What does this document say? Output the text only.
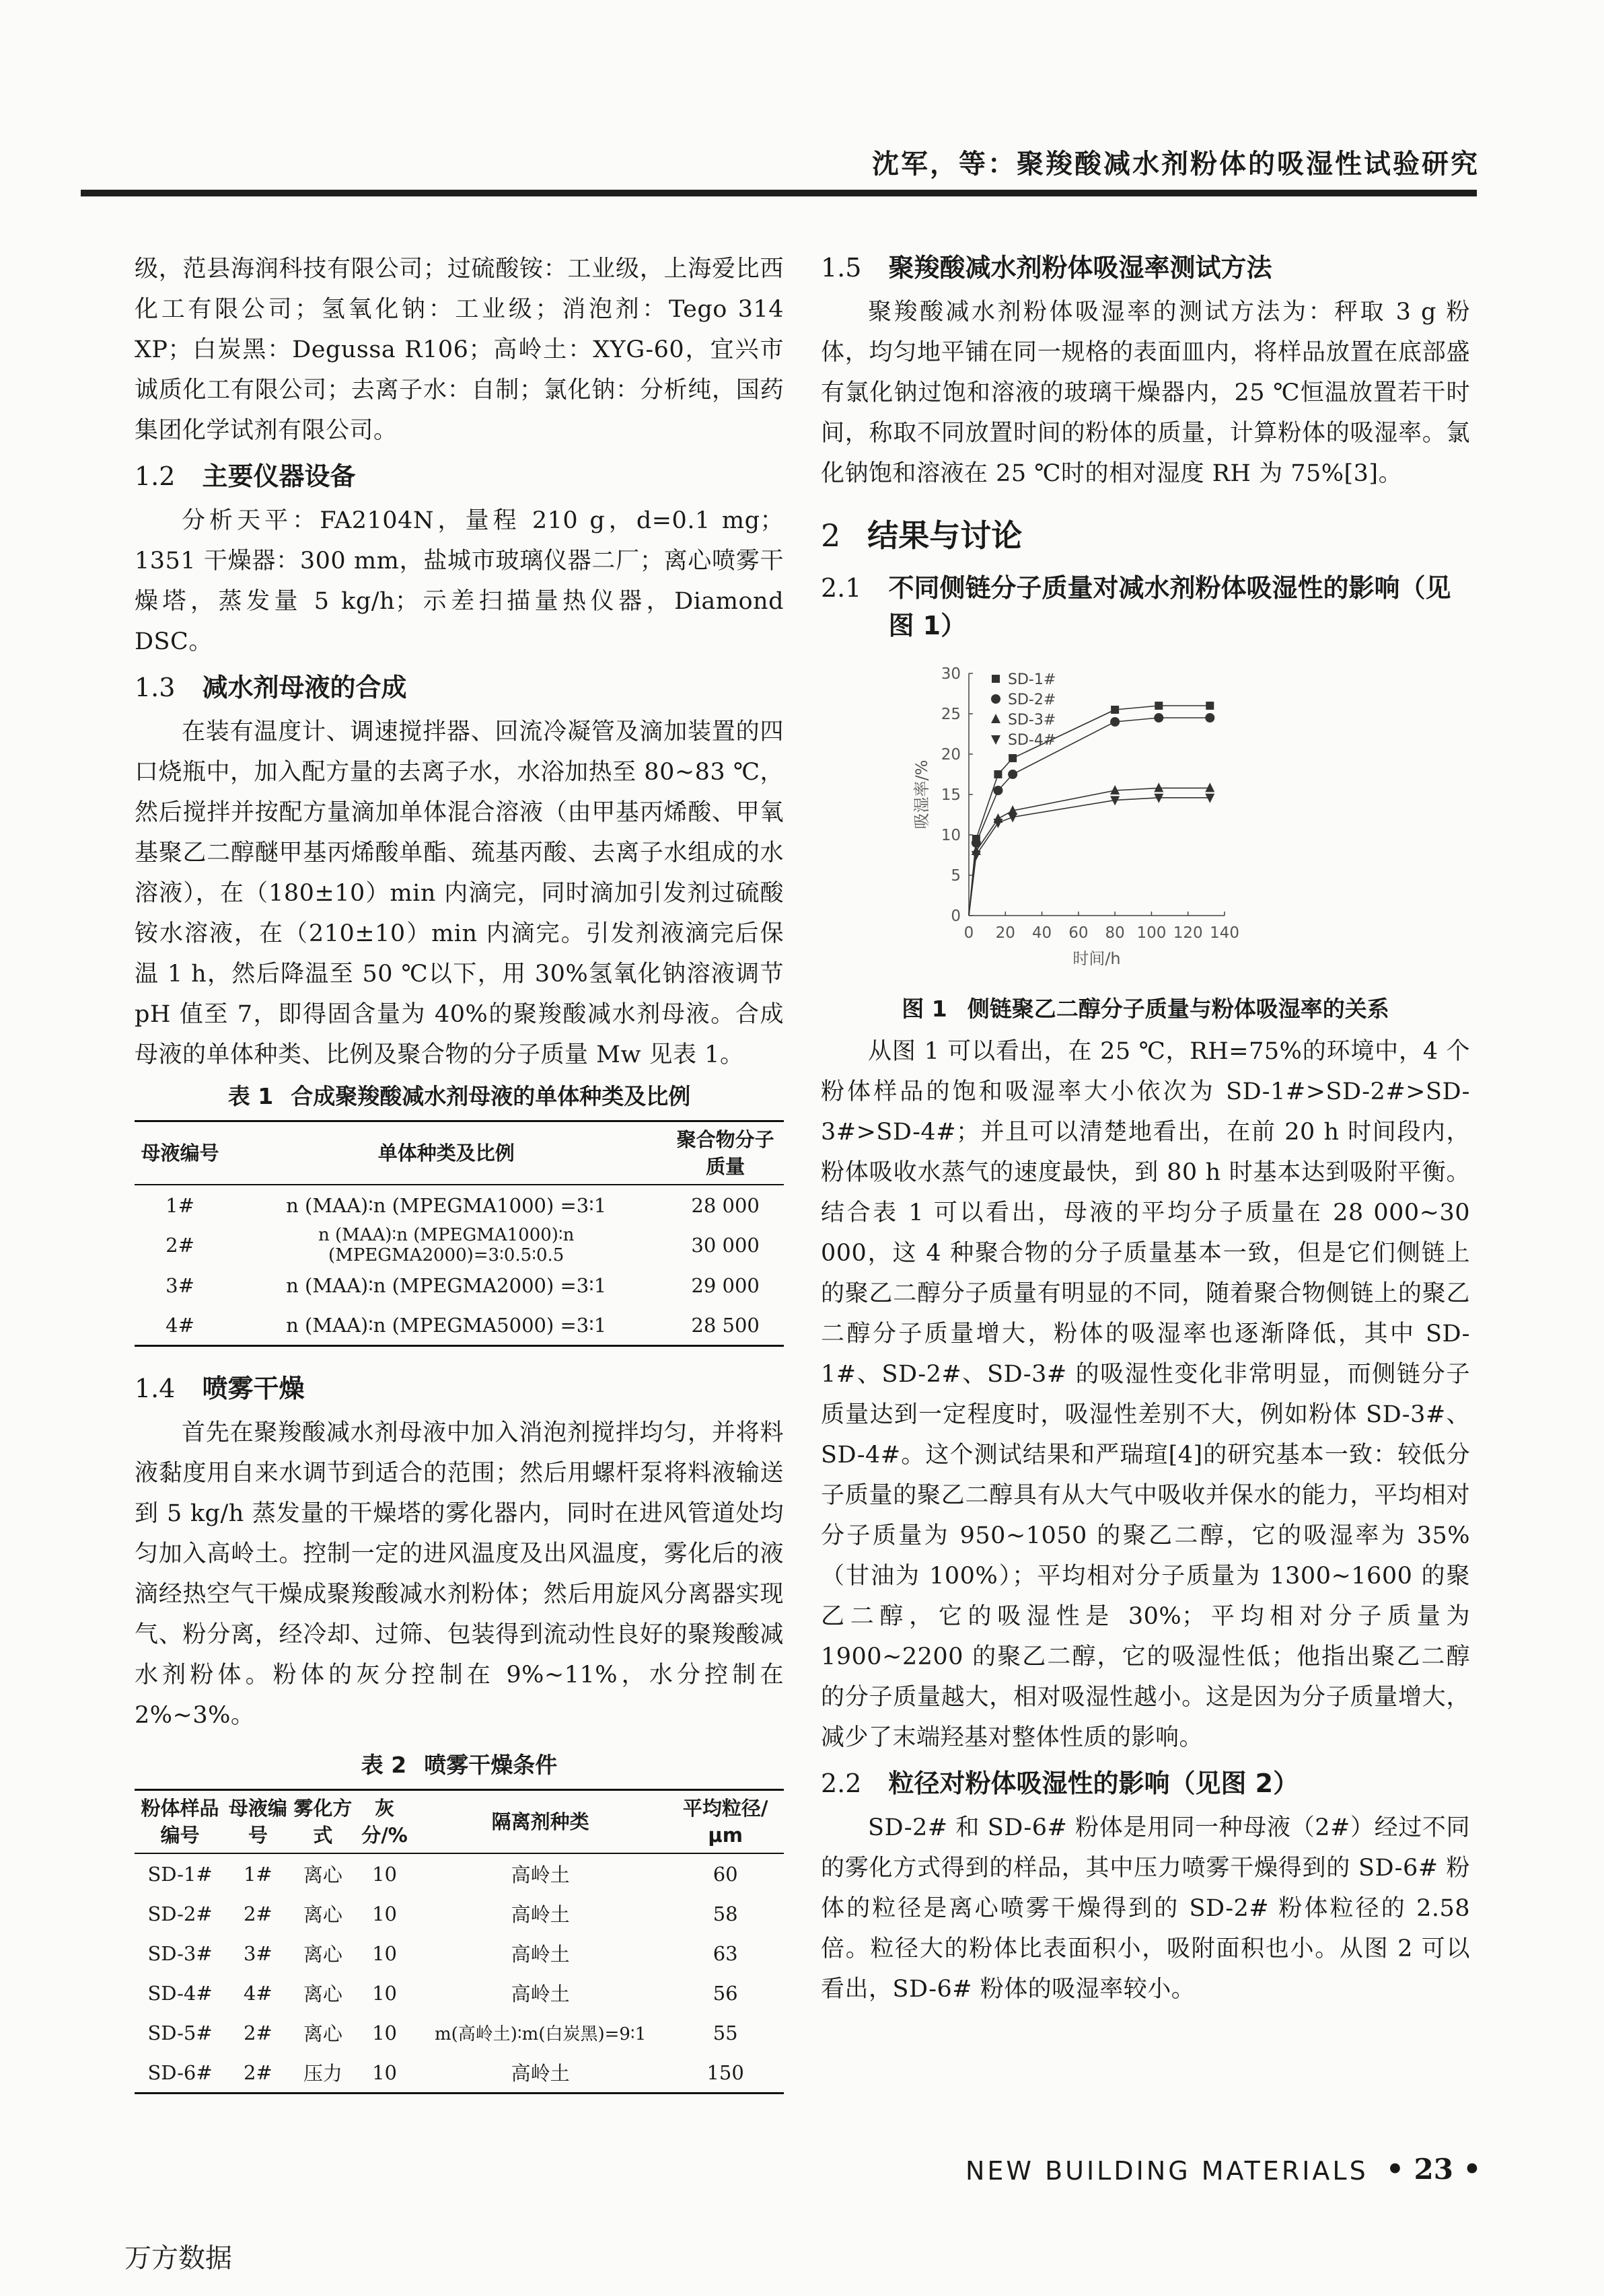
沈军，等：聚羧酸减水剂粉体的吸湿性试验研究

级，范县海润科技有限公司；过硫酸铵：工业级，上海爱比西化工有限公司；氢氧化钠：工业级；消泡剂：Tego 314 XP；白炭黑：Degussa R106；高岭土：XYG-60，宜兴市诚质化工有限公司；去离子水：自制；氯化钠：分析纯，国药集团化学试剂有限公司。

1.2 主要仪器设备

分析天平：FA2104N，量程 210 g，d=0.1 mg；1351 干燥器：300 mm，盐城市玻璃仪器二厂；离心喷雾干燥塔，蒸发量 5 kg/h；示差扫描量热仪器，Diamond DSC。

1.3 减水剂母液的合成

在装有温度计、调速搅拌器、回流冷凝管及滴加装置的四口烧瓶中，加入配方量的去离子水，水浴加热至 80~83 ℃，然后搅拌并按配方量滴加单体混合溶液（由甲基丙烯酸、甲氧基聚乙二醇醚甲基丙烯酸单酯、巯基丙酸、去离子水组成的水溶液），在（180±10）min 内滴完，同时滴加引发剂过硫酸铵水溶液，在（210±10）min 内滴完。引发剂液滴完后保温 1 h，然后降温至 50 ℃以下，用 30%氢氧化钠溶液调节 pH 值至 7，即得固含量为 40%的聚羧酸减水剂母液。合成母液的单体种类、比例及聚合物的分子质量 Mw 见表 1。

表 1 合成聚羧酸减水剂母液的单体种类及比例
母液编号	单体种类及比例	聚合物分子质量
1#	n (MAA)∶n (MPEGMA1000) =3∶1	28 000
2#	n (MAA)∶n (MPEGMA1000)∶n (MPEGMA2000)=3∶0.5∶0.5	30 000
3#	n (MAA)∶n (MPEGMA2000) =3∶1	29 000
4#	n (MAA)∶n (MPEGMA5000) =3∶1	28 500
1.4 喷雾干燥

首先在聚羧酸减水剂母液中加入消泡剂搅拌均匀，并将料液黏度用自来水调节到适合的范围；然后用螺杆泵将料液输送到 5 kg/h 蒸发量的干燥塔的雾化器内，同时在进风管道处均匀加入高岭土。控制一定的进风温度及出风温度，雾化后的液滴经热空气干燥成聚羧酸减水剂粉体；然后用旋风分离器实现气、粉分离，经冷却、过筛、包装得到流动性良好的聚羧酸减水剂粉体。粉体的灰分控制在 9%~11%，水分控制在 2%~3%。

表 2 喷雾干燥条件
粉体样品编号	母液编号	雾化方式	灰分/%	隔离剂种类	平均粒径/μm
SD-1#	1#	离心	10	高岭土	60
SD-2#	2#	离心	10	高岭土	58
SD-3#	3#	离心	10	高岭土	63
SD-4#	4#	离心	10	高岭土	56
SD-5#	2#	离心	10	m(高岭土)∶m(白炭黑)=9∶1	55
SD-6#	2#	压力	10	高岭土	150
1.5 聚羧酸减水剂粉体吸湿率测试方法

聚羧酸减水剂粉体吸湿率的测试方法为：秤取 3 g 粉体，均匀地平铺在同一规格的表面皿内，将样品放置在底部盛有氯化钠过饱和溶液的玻璃干燥器内，25 ℃恒温放置若干时间，称取不同放置时间的粉体的质量，计算粉体的吸湿率。氯化钠饱和溶液在 25 ℃时的相对湿度 RH 为 75%[3]。

2 结果与讨论
2.1 不同侧链分子质量对减水剂粉体吸湿性的影响（见图 1）
0
5
10
15
20
25
30
0 20 40 60 80 100 120 140
时间/h
吸湿率/%
SD-1#
SD-2#
SD-3#
SD-4#
图 1 侧链聚乙二醇分子质量与粉体吸湿率的关系

从图 1 可以看出，在 25 ℃，RH=75%的环境中，4 个粉体样品的饱和吸湿率大小依次为 SD-1#>SD-2#>SD-3#>SD-4#；并且可以清楚地看出，在前 20 h 时间段内，粉体吸收水蒸气的速度最快，到 80 h 时基本达到吸附平衡。结合表 1 可以看出，母液的平均分子质量在 28 000~30 000，这 4 种聚合物的分子质量基本一致，但是它们侧链上的聚乙二醇分子质量有明显的不同，随着聚合物侧链上的聚乙二醇分子质量增大，粉体的吸湿率也逐渐降低，其中 SD-1#、SD-2#、SD-3# 的吸湿性变化非常明显，而侧链分子质量达到一定程度时，吸湿性差别不大，例如粉体 SD-3#、SD-4#。这个测试结果和严瑞瑄[4]的研究基本一致：较低分子质量的聚乙二醇具有从大气中吸收并保水的能力，平均相对分子质量为 950~1050 的聚乙二醇，它的吸湿率为 35%（甘油为 100%）；平均相对分子质量为 1300~1600 的聚乙二醇，它的吸湿性是 30%；平均相对分子质量为 1900~2200 的聚乙二醇，它的吸湿性低；他指出聚乙二醇的分子质量越大，相对吸湿性越小。这是因为分子质量增大，减少了末端羟基对整体性质的影响。

2.2 粒径对粉体吸湿性的影响（见图 2）

SD-2# 和 SD-6# 粉体是用同一种母液（2#）经过不同的雾化方式得到的样品，其中压力喷雾干燥得到的 SD-6# 粉体的粒径是离心喷雾干燥得到的 SD-2# 粉体粒径的 2.58 倍。粒径大的粉体比表面积小，吸附面积也小。从图 2 可以看出，SD-6# 粉体的吸湿率较小。

NEW BUILDING MATERIALS • 23 •
万方数据
